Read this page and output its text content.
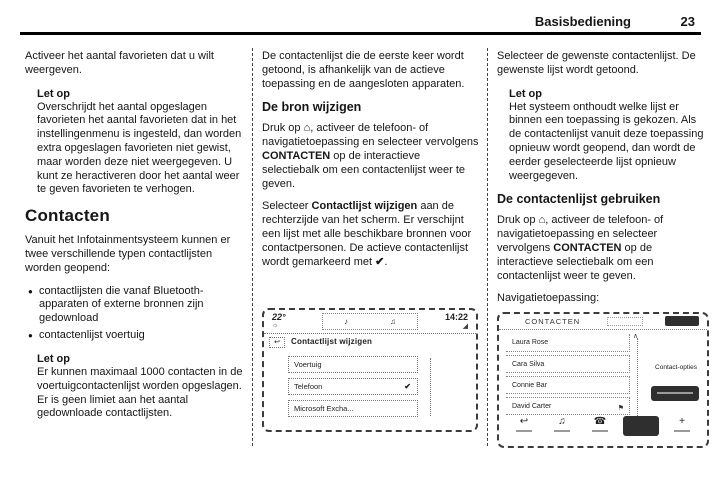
Basisbediening	23
Activeer het aantal favorieten dat u wilt weergeven.
Let op
Overschrijdt het aantal opgeslagen favorieten het aantal favorieten dat in het instellingenmenu is ingesteld, dan worden extra opgeslagen favorieten niet gewist, maar worden deze niet weergegeven. U kunt ze heractiveren door het aantal weer te geven favorieten te verhogen.
Contacten
Vanuit het Infotainmentsysteem kunnen er twee verschillende typen contactlijsten worden geopend:
● contactlijsten die vanaf Bluetooth-apparaten of externe bronnen zijn gedownload
● contactenlijst voertuig
Let op
Er kunnen maximaal 1000 contacten in de voertuigcontactenlijst worden opgeslagen. Er is geen limiet aan het aantal gedownloade contactlijsten.
De contactenlijst die de eerste keer wordt getoond, is afhankelijk van de actieve toepassing en de aangesloten apparaten.
De bron wijzigen
Druk op ⌂, activeer de telefoon- of navigatietoepassing en selecteer vervolgens CONTACTEN op de interactieve selectiebalk om een contactenlijst weer te geven.
Selecteer Contactlijst wijzigen aan de rechterzijde van het scherm. Er verschijnt een lijst met alle beschikbare bronnen voor contactpersonen. De actieve contactenlijst wordt gemarkeerd met ✔.
22°
☼	♪	♫	14:22
◢
↩	Contactlijst wijzigen
Voertuig
Telefoon	✔
Microsoft Excha...
Selecteer de gewenste contactenlijst. De gewenste lijst wordt getoond.
Let op
Het systeem onthoudt welke lijst er binnen een toepassing is gekozen. Als de contactenlijst vanuit deze toepassing opnieuw wordt geopend, dan wordt de eerder geselecteerde lijst opnieuw weergegeven.
De contactenlijst gebruiken
Druk op ⌂, activeer de telefoon- of navigatietoepassing en selecteer vervolgens CONTACTEN op de interactieve selectiebalk om een contactenlijst weer te geven.
Navigatietoepassing:
CONTACTEN
Laura Rose
Cara Silva
Connie Bar
David Carter	⚑
∧
Contact-opties
↩	♫	☎	+
